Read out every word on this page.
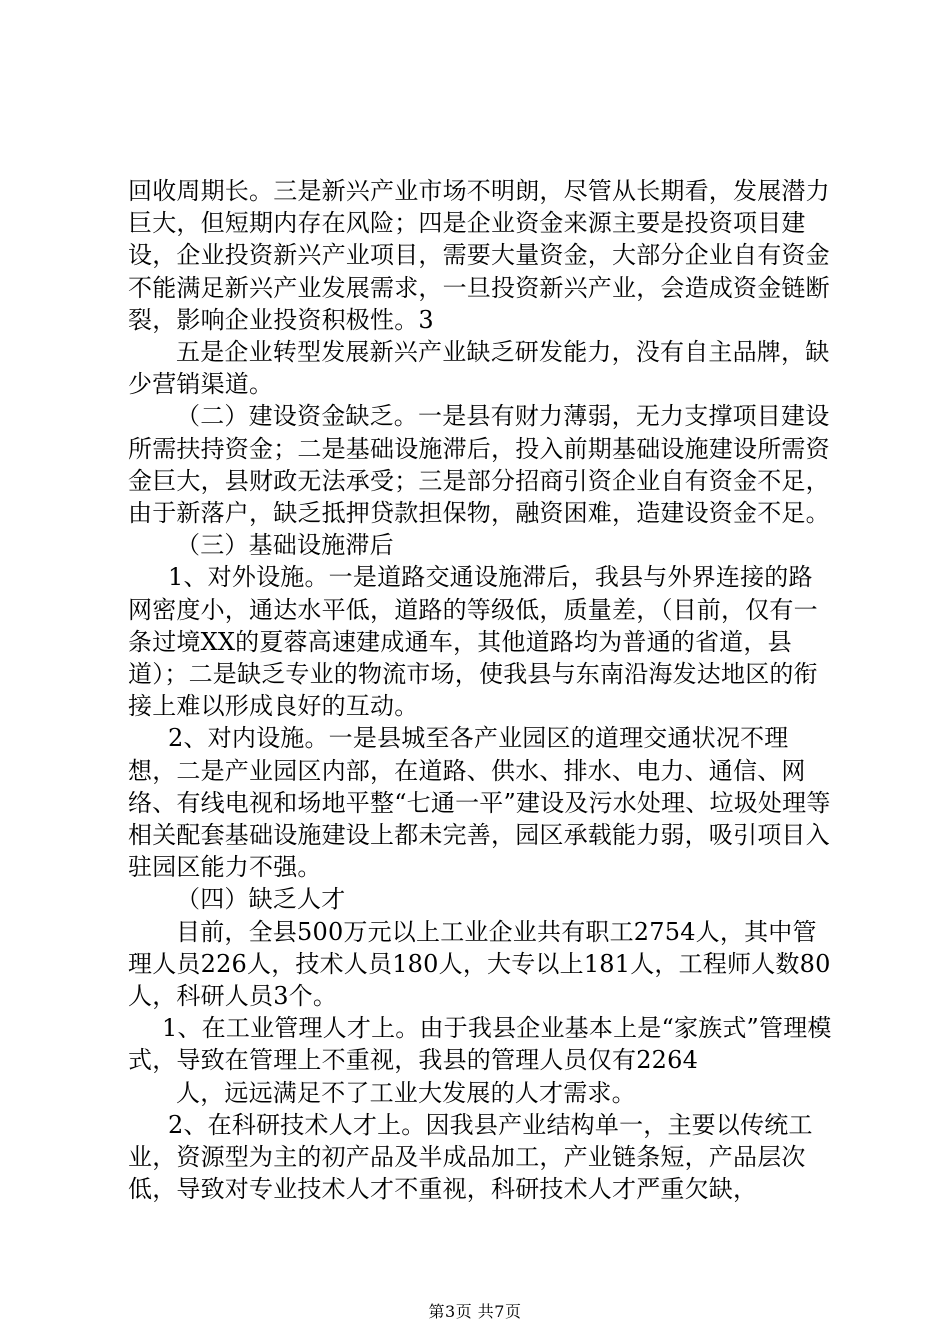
回收周期长。三是新兴产业市场不明朗，尽管从长期看，发展潜力巨大，但短期内存在风险；四是企业资金来源主要是投资项目建设，企业投资新兴产业项目，需要大量资金，大部分企业自有资金不能满足新兴产业发展需求，一旦投资新兴产业，会造成资金链断裂，影响企业投资积极性。3

五是企业转型发展新兴产业缺乏研发能力，没有自主品牌，缺少营销渠道。

（二）建设资金缺乏。一是县有财力薄弱，无力支撑项目建设所需扶持资金；二是基础设施滞后，投入前期基础设施建设所需资金巨大，县财政无法承受；三是部分招商引资企业自有资金不足，由于新落户，缺乏抵押贷款担保物，融资困难，造建设资金不足。

（三）基础设施滞后

1、对外设施。一是道路交通设施滞后，我县与外界连接的路网密度小，通达水平低，道路的等级低，质量差，（目前，仅有一条过境XX的夏蓉高速建成通车，其他道路均为普通的省道，县道）；二是缺乏专业的物流市场，使我县与东南沿海发达地区的衔接上难以形成良好的互动。

2、对内设施。一是县城至各产业园区的道理交通状况不理想，二是产业园区内部，在道路、供水、排水、电力、通信、网络、有线电视和场地平整“七通一平”建设及污水处理、垃圾处理等相关配套基础设施建设上都未完善，园区承载能力弱，吸引项目入驻园区能力不强。

（四）缺乏人才

目前，全县500万元以上工业企业共有职工2754人，其中管理人员226人，技术人员180人，大专以上181人，工程师人数80人，科研人员3个。

1、在工业管理人才上。由于我县企业基本上是“家族式”管理模式，导致在管理上不重视，我县的管理人员仅有2264

人，远远满足不了工业大发展的人才需求。

2、在科研技术人才上。因我县产业结构单一，主要以传统工业，资源型为主的初产品及半成品加工，产业链条短，产品层次低，导致对专业技术人才不重视，科研技术人才严重欠缺，

第3页 共7页
